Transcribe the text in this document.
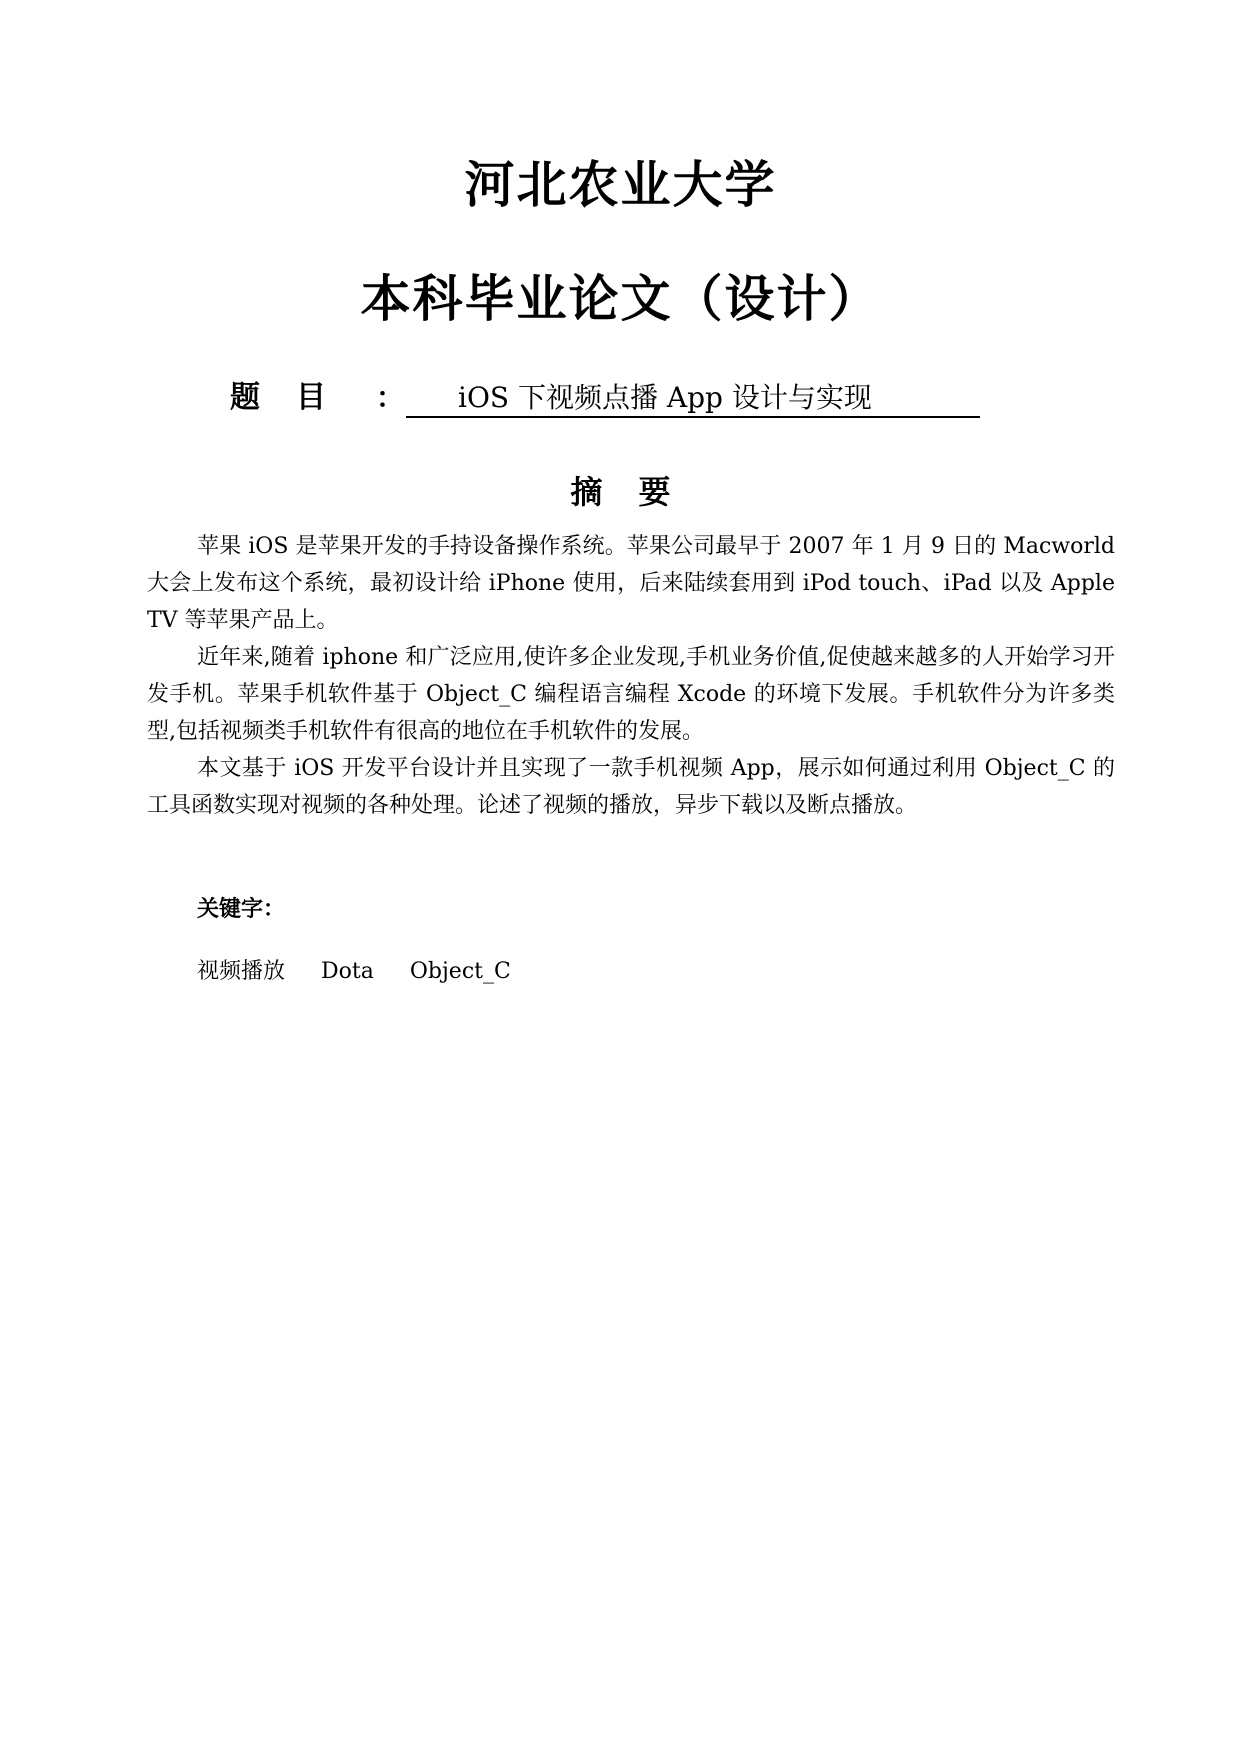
河北农业大学
本科毕业论文（设计）
题目 ：	iOS 下视频点播 App 设计与实现
摘要

苹果 iOS 是苹果开发的手持设备操作系统。苹果公司最早于 2007 年 1 月 9 日的 Macworld 大会上发布这个系统，最初设计给 iPhone 使用，后来陆续套用到 iPod touch、iPad 以及 Apple TV 等苹果产品上。

近年来,随着 iphone 和广泛应用,使许多企业发现,手机业务价值,促使越来越多的人开始学习开发手机。苹果手机软件基于 Object_C 编程语言编程 Xcode 的环境下发展。手机软件分为许多类型,包括视频类手机软件有很高的地位在手机软件的发展。

本文基于 iOS 开发平台设计并且实现了一款手机视频 App，展示如何通过利用 Object_C 的工具函数实现对视频的各种处理。论述了视频的播放，异步下载以及断点播放。

关键字：
视频播放 Dota Object_C
